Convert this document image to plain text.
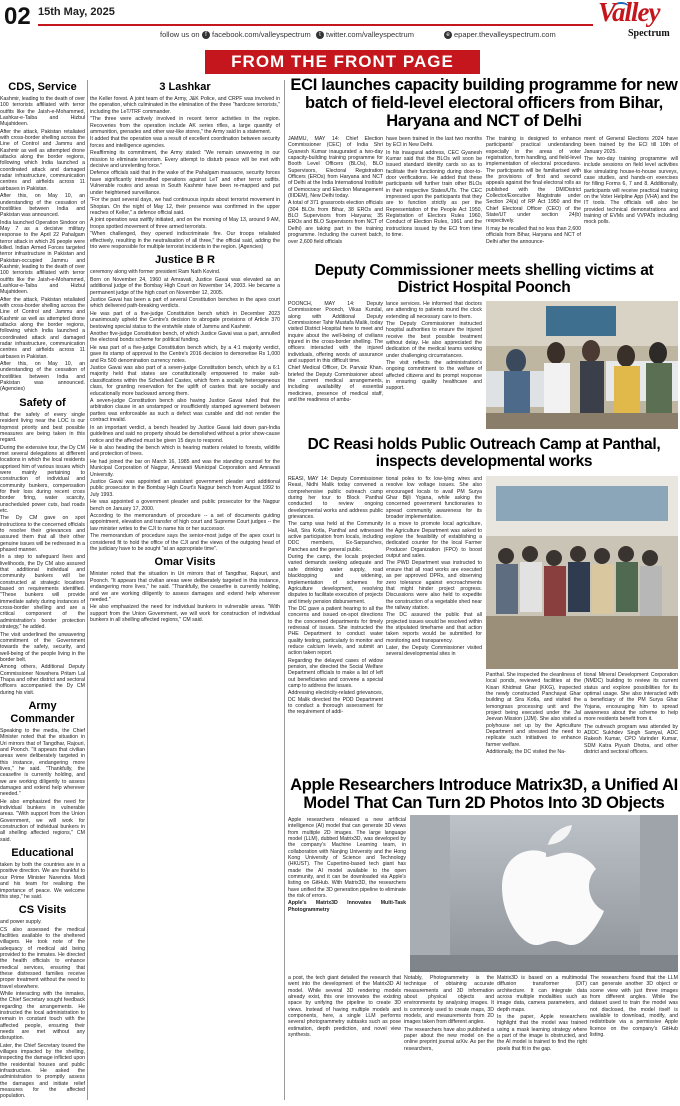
02 15th May, 2025
follow us on f facebook.com/valleyspectrum	t twitter.com/valleyspectrum	e epaper.thevalleyspectrum.com
Valley
Spectrum
FROM THE FRONT PAGE
CDS, Service

Kashmir, leading to the death of over 100 terrorists affiliated with terror outfits like the Jaish-e-Mohammed, Lashkar-e-Taiba and Hizbul Mujahideen.

After the attack, Pakistan retaliated with cross-border shelling across the Line of Control and Jammu and Kashmir as well as attempted drone attacks along the border regions, following which India launched a coordinated attack and damaged radar infrastructure, communication centres and airfields across 11 airbases in Pakistan.

After this, on May 10, an understanding of the cessation of hostilities between India and Pakistan was announced.

India launched Operation Sindoor on May 7 as a decisive military response to the April 22 Pahalgam terror attack in which 26 people were killed. Indian Armed Forces targeted terror infrastructure in Pakistan and Pakistan-occupied Jammu and Kashmir, leading to the death of over 100 terrorists affiliated with terror outfits like the Jaish-e-Mohammed, Lashkar-e-Taiba and Hizbul Mujahideen.

After the attack, Pakistan retaliated with cross-border shelling across the Line of Control and Jammu and Kashmir as well as attempted drone attacks along the border regions, following which India launched a coordinated attack and damaged radar infrastructure, communication centres and airfields across 11 airbases in Pakistan.

After this, on May 10, an understanding of the cessation of hostilities between India and Pakistan was announced. (Agencies)

Safety of

that the safety of every single resident living near the LOC is our topmost priority and best possible measures are being taken in this regard.

During the extensive tour, the Dy CM met several delegations at different locations in which the local residents apprised him of various issues which were mainly pertaining to construction of individual and community bunkers, compensation for their loss during recent cross border firing, water scarcity, unscheduled power cuts, bad roads etc.

The Dy CM gave on spot instructions to the concerned officials to resolve their grievances and assured them that all their other genuine issues will be redressed in a phased manner.

In a step to safeguard lives and livelihoods, the Dy CM also assured that additional individual and community bunkers will be constructed at strategic locations based on requirements identified. "These bunkers will provide immediate safety during instances of cross-border shelling and are a critical component of the administration's border protection strategy," he added.

The visit underlined the unwavering commitment of the Government towards the safety, security, and well-being of the people living in the border belt.

Among others, Additional Deputy Commissioner Nowshera Pritam Lal Thapa and other district and sectoral officers accompanied the Dy CM during his visit.

Army Commander

Speaking to the media, the Chief Minister noted that the situation in Uri mirrors that of Tangdhar, Rajouri, and Poonch. "It appears that civilian areas were deliberately targeted in this instance, endangering more lives," he said. "Thankfully, the ceasefire is currently holding, and we are working diligently to assess damages and extend help wherever needed."

He also emphasized the need for individual bunkers in vulnerable areas. "With support from the Union Government, we will work for construction of individual bunkers in all shelling affected regions," CM said.

Educational

taken by both the countries are in a positive direction. We are thankful to our Prime Minister Narendra Modi and his team for realising the importance of peace. We welcome this step," he said.

CS Visits

and power supply.

CS also assessed the medical facilities available to the sheltered villagers. He took note of the adequacy of medical aid being provided to the inmates. He directed the health officials to enhance medical services, ensuring that these distressed families receive proper treatment without the need to travel elsewhere.

While interacting with the inmates, the Chief Secretary sought feedback regarding the arrangements. He instructed the local administration to remain in constant touch with the affected people, ensuring their needs are met without any disruption.

Later, the Chief Secretary toured the villages impacted by the shelling, inspecting the damage inflicted upon the residential houses and public infrastructure. He asked the administration to promptly assess the damages and initiate relief measures for the affected population.

3 Lashkar

the Keller forest. A joint team of the Army, J&K Police, and CRPF was involved in the operation, which culminated in the elimination of the three "hardcore terrorists," including the LeT/TRF commander.

"The three were actively involved in recent terror activities in the region. Recoveries from the operation include AK series rifles, a large quantity of ammunition, grenades and other war-like stores," the Army said in a statement.

It added that the operation was a result of excellent coordination between security forces and intelligence agencies.

Reaffirming its commitment, the Army stated: "We remain unwavering in our mission to eliminate terrorism. Every attempt to disturb peace will be met with decisive and unrelenting force."

Defence officials said that in the wake of the Pahalgam massacre, security forces have significantly intensified operations against LeT and other terror outfits. Vulnerable routes and areas in South Kashmir have been re-mapped and put under heightened surveillance.

"For the past several days, we had continuous inputs about terrorist movement in Shopian. On the night of May 12, their presence was confirmed in the upper reaches of Keller," a defence official said.

A joint operation was swiftly initiated, and on the morning of May 13, around 9 AM, troops spotted movement of three armed terrorists.

"When challenged, they opened indiscriminate fire. Our troops retaliated effectively, resulting in the neutralisation of all three," the official said, adding the trio were responsible for multiple terrorist incidents in the region. (Agencies)

Justice B R

ceremony along with former president Ram Nath Kovind.

Born on November 24, 1960 at Amravati, Justice Gavai was elevated as an additional judge of the Bombay High Court on November 14, 2003. He became a permanent judge of the high court on November 12, 2005.

Justice Gavai has been a part of several Constitution benches in the apex court which delivered path-breaking verdicts.

He was part of a five-judge Constitution bench which in December 2023 unanimously upheld the Centre's decision to abrogate provisions of Article 370 bestowing special status to the erstwhile state of Jammu and Kashmir.

Another five-judge Constitution bench, of which Justice Gavai was a part, annulled the electoral bonds scheme for political funding.

He was part of a five-judge Constitution bench which, by a 4:1 majority verdict, gave its stamp of approval to the Centre's 2016 decision to demonetise Rs 1,000 and Rs 500 denomination currency notes.

Justice Gavai was also part of a seven-judge Constitution bench, which by a 6:1 majority held that states are constitutionally empowered to make sub-classifications within the Scheduled Castes, which form a socially heterogeneous class, for granting reservation for the uplift of castes that are socially and educationally more backward among them.

A seven-judge Constitution bench also having Justice Gavai ruled that the arbitration clause in an unstamped or insufficiently stamped agreement between parties was enforceable as such a defect was curable and did not render the contract invalid.

In an important verdict, a bench headed by Justice Gavai laid down pan-India guidelines and said no property should be demolished without a prior show-cause notice and the affected must be given 15 days to respond.

He is also heading the bench which is hearing matters related to forests, wildlife and protection of trees.

He had joined the bar on March 16, 1985 and was the standing counsel for the Municipal Corporation of Nagpur, Amravati Municipal Corporation and Amravati University.

Justice Gavai was appointed an assistant government pleader and additional public prosecutor in the Bombay High Court's Nagpur bench from August 1992 to July 1993.

He was appointed a government pleader and public prosecutor for the Nagpur bench on January 17, 2000.

According to the memorandum of procedure -- a set of documents guiding appointment, elevation and transfer of high court and Supreme Court judges -- the law minister writes to the CJI to name his or her successor.

The memorandum of procedure says the senior-most judge of the apex court is considered fit to hold the office of the CJI and the views of the outgoing head of the judiciary have to be sought "at an appropriate time".

Omar Visits

Minister noted that the situation in Uri mirrors that of Tangdhar, Rajouri, and Poonch. "It appears that civilian areas were deliberately targeted in this instance, endangering more lives," he said. "Thankfully, the ceasefire is currently holding, and we are working diligently to assess damages and extend help wherever needed."

He also emphasized the need for individual bunkers in vulnerable areas. "With support from the Union Government, we will work for construction of individual bunkers in all shelling affected regions," CM said.

ECI launches capacity building programme for new batch of field-level electoral officers from Bihar, Haryana and NCT of Delhi

JAMMU, MAY 14: Chief Election Commissioner (CEC) of India Shri Gyanesh Kumar inaugurated a two-day capacity-building training programme for Booth Level Officers (BLOs), BLO Supervisors, Electoral Registration Officers (EROs) from Haryana and NCT of Delhi at the India International Institute of Democracy and Election Management (IIIDEM), New Delhi today.

A total of 371 grassroots election officials (304 BLOs from Bihar, 38 EROs and BLO Supervisors from Haryana; 35 EROs and BLO Supervisors from NCT of Delhi) are taking part in the training programme. Including the current batch, over 2,600 field officials

have been trained in the last two months by ECI in New Delhi.

In his inaugural address, CEC Gyanesh Kumar said that the BLOs will soon be issued standard identity cards so as to facilitate their functioning during door-to-door verifications. He added that these participants will further train other BLOs in their respective States/UTs. The CEC impressed upon the participants that they are to function strictly as per the Representation of the People Act 1950, Registration of Electors Rules 1960, Conduct of Election Rules, 1961 and the instructions issued by the ECI from time to time.

The training is designed to enhance participants' practical understanding especially in the areas of voter registration, form handling, and field-level implementation of electoral procedures. The participants will be familiarised with the provisions of first and second appeals against the final electoral rolls as published with the DM/District Collector/Executive Magistrate under Section 24(a) of RP Act 1950 and the Chief Electoral Officer (CEO) of the State/UT under section 24(b) respectively.

It may be recalled that no less than 2,600 officials from Bihar, Haryana and NCT of Delhi after the announce-

ment of General Elections 2024 have been trained by the ECI till 10th of January 2025.

The two-day training programme will include sessions on field level activities like simulating house-to-house surveys, case studies, and hands-on exercises for filling Forms 6, 7 and 8. Additionally, participants will receive practical training on the Voter Helpline App (VHA) and the IT tools. The officials will also be provided technical demonstrations and training of EVMs and VVPATs including mock polls.

Deputy Commissioner meets shelling victims at District Hospital Poonch

POONCH, MAY 14: Deputy Commissioner Poonch, Vikas Kundal, along with Additional Deputy Commissioner Tahir Mustafa Malik, today visited District Hospital here to meet and inquire about the well-being of civilians injured in the cross-border shelling. The officers interacted with the injured individuals, offering words of assurance and support in this difficult time.

Chief Medical Officer, Dr. Parvaiz Khan, briefed the Deputy Commissioner about the current medical arrangements, including availability of essential medicines, presence of medical staff, and the readiness of ambu-

lance services. He informed that doctors are attending to patients round the clock extending all necessary care to them.

The Deputy Commissioner instructed hospital authorities to ensure the injured receive the best possible treatment without delay. He also appreciated the dedication of the medical teams working under challenging circumstances.

The visit reflects the administration's ongoing commitment to the welfare of affected citizens and its prompt response in ensuring quality healthcare and support.

DC Reasi holds Public Outreach Camp at Panthal, inspects developmental works

REASI, MAY 14: Deputy Commissioner Reasi, Nidhi Malik today convened a comprehensive public outreach camp during her tour to Block Panthal conducted to review ongoing developmental works and address public grievances.

The camp was held at the Community Hall, Sira Kotla, Panthal and witnessed active participation from locals, including DDC members, Ex-Sarpanches, Panches and the general public.

During the camp, the locals projected varied demands seeking adequate and safe drinking water supply, road blacktopping and widening, implementation of schemes for Agriculture development, resolving disputes to facilitate execution of projects and timely pension disbursement.

The DC gave a patient hearing to all the concerns and issued on-spot directions to the concerned departments for timely redressal of issues. She instructed the PHE Department to conduct water quality testing, particularly to monitor and reduce calcium levels, and submit an action taken report.

Regarding the delayed cases of widow pension, she directed the Social Welfare Department officials to make a list of left out beneficiaries and convene a special camp to address the issues.

Addressing electricity-related grievances, DC Malik directed the PDD Department to conduct a thorough assessment for the requirement of addi-

tional poles to fix low-lying wires and resolve low voltage issues. She also encouraged locals to avail PM Surya Ghar Bijli Yojana, while asking the concerned government functionaries to spread community awareness for its broader implementation.

In a move to promote local agriculture, the Agriculture Department was asked to explore the feasibility of establishing a dedicated counter for the local Farmer Producer Organization (FPO) to boost output and sales.

The PWD Department was instructed to ensure that all road works are executed as per approved DPRs, and observing zero tolerance against encroachments that might hinder project progress. Discussions were also held to expedite the construction of a vegetable shed near the railway station.

The DC assured the public that all projected issues would be resolved within the stipulated timeframe and that action taken reports would be submitted for monitoring and transparency.

Later, the Deputy Commissioner visited several developmental sites in

Panthal. She inspected the cleanliness of local ponds, reviewed facilities at the Kisan Khidmat Ghar (KKG), inspected the newly constructed Panchayat Ghar building at Sira Kotla, and visited the lemongrass processing unit and the project being executed under the Jal Jeevan Mission (JJM). She also visited a polyhouse set up by the Agriculture Department and stressed the need to replicate such initiatives to enhance farmer welfare.

Additionally, the DC visited the Na-

tional Mineral Development Corporation (NMDC) building to review its current status and explore possibilities for its optimal usage. She also interacted with a beneficiary of the PM Surya Ghar Yojana, encouraging him to spread awareness about the scheme to help more residents benefit from it.

The outreach program was attended by ADDC Sukhdev Singh Samyal, ADC Rakesh Kumar, CPO Varinder Kumar, SDM Katra Piyush Dhotra, and other district and sectoral officers.

Apple Researchers Introduce Matrix3D, a Unified AI Model That Can Turn 2D Photos Into 3D Objects

Apple researchers released a new artificial intelligence (AI) model that can generate 3D views from multiple 2D images. The large language model (LLM), dubbed Matrix3D, was developed by the company's Machine Learning team, in collaboration with Nanjing University and the Hong Kong University of Science and Technology (HKUST). The Cupertino-based tech giant has made the AI model available to the open community, and it can be downloaded via Apple's listing on GitHub. With Matrix3D, the researchers have unified the 3D generation pipeline to eliminate the risk of errors.

Apple's Matrix3D Innovates Multi-Task Photogrammetry

a post, the tech giant detailed the research that went into the development of the Matrix3D AI model. While several 3D rendering models already exist, this one innovates the existing space by unifying the pipeline to create 3D views. Instead of having multiple models and components, here, a single LLM performs several photogrammetry subtasks such as pose estimation, depth prediction, and novel view synthesis.

Notably, Photogrammetry is the technique of obtaining accurate measurements and 3D information about physical objects and environments by analysing images. It is commonly used to create maps, 3D models, and measurements from 2D images taken from different angles.

The researchers have also published a paper about the new model on the online preprint journal arXiv. As per the researchers,

Matrix3D is based on a multimodal diffusion transformer (DiT) architecture. It can integrate data across multiple modalities such as image data, camera parameters, and depth maps.

In the paper, Apple researchers highlight that the model was trained using a mask learning strategy where a part of the image is obstructed, and the AI model is trained to find the right pixels that fit in the gap.

The researchers found that the LLM can generate another 3D object or scene view with just three images from different angles. While the dataset used to train the model was not disclosed, the model itself is available to download, modify, and redistribute via a permissive Apple licence on the company's GitHub listing.
